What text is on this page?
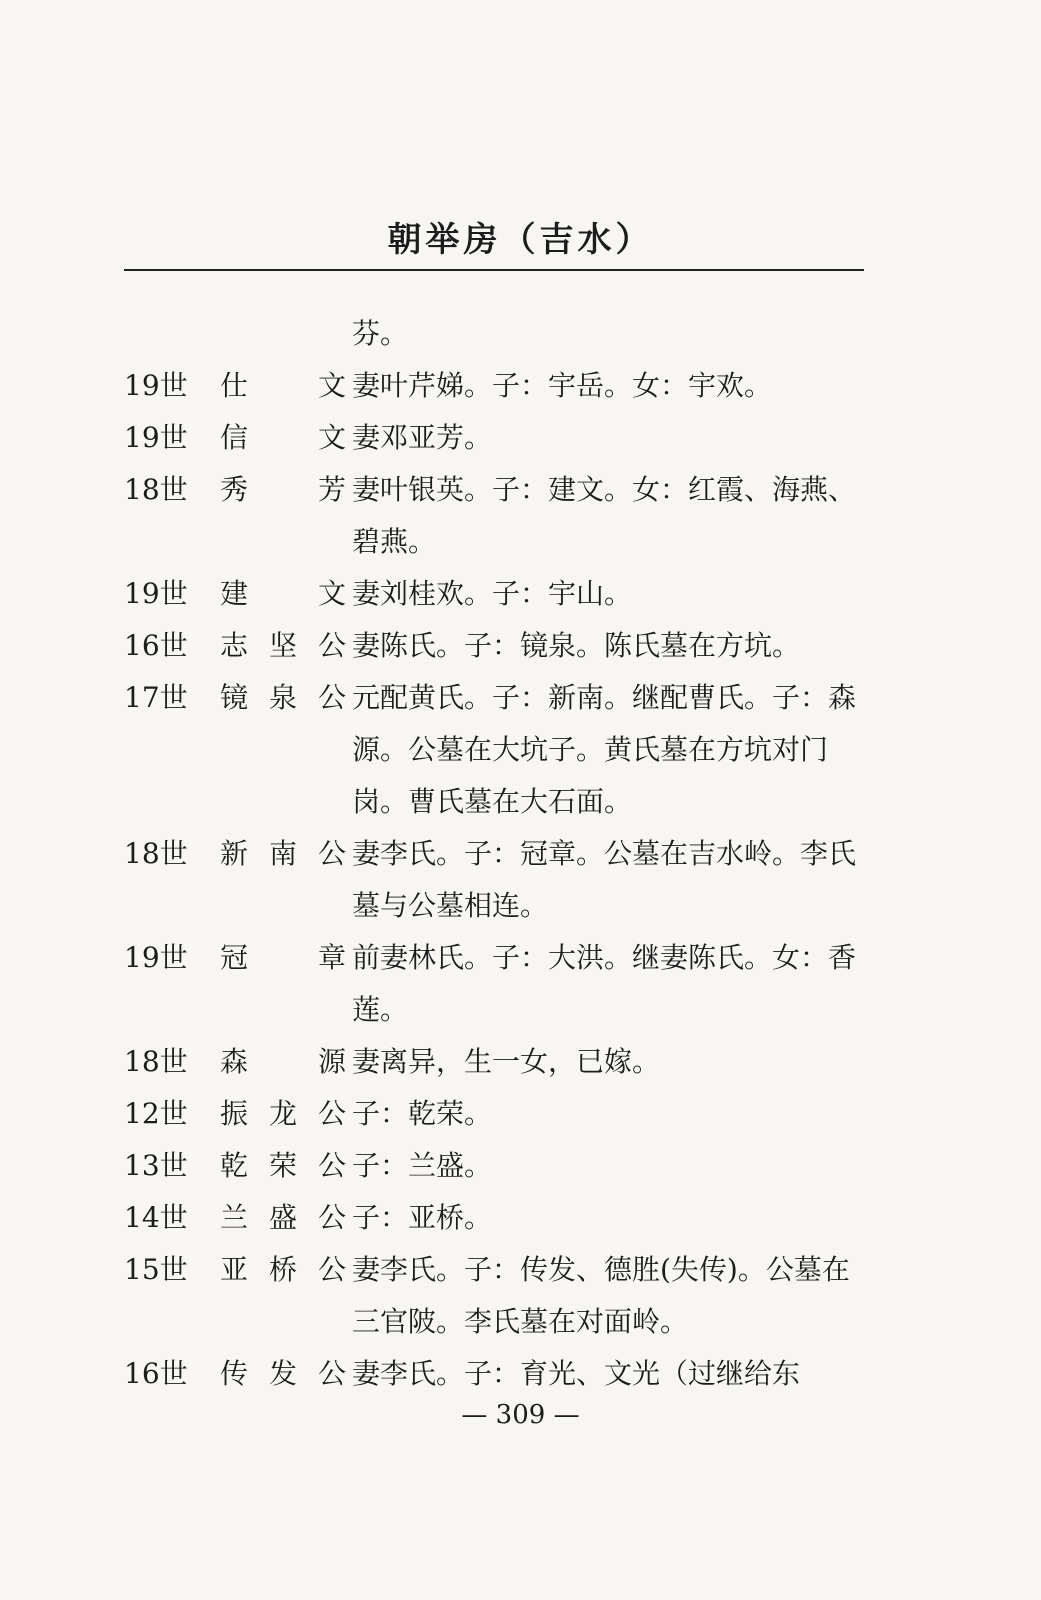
朝举房（吉水）
芬。
19世	仕文 妻叶芹娣。子：宇岳。女：宇欢。
19世	信文 妻邓亚芳。
18世	秀芳 妻叶银英。子：建文。女：红霞、海燕、碧燕。
19世	建文 妻刘桂欢。子：宇山。
16世	志坚公 妻陈氏。子：镜泉。陈氏墓在方坑。
17世	镜泉公 元配黄氏。子：新南。继配曹氏。子：森源。公墓在大坑子。黄氏墓在方坑对门岗。曹氏墓在大石面。
18世	新南公 妻李氏。子：冠章。公墓在吉水岭。李氏墓与公墓相连。
19世	冠章 前妻林氏。子：大洪。继妻陈氏。女：香莲。
18世	森源 妻离异，生一女，已嫁。
12世	振龙公 子：乾荣。
13世	乾荣公 子：兰盛。
14世	兰盛公 子：亚桥。
15世	亚桥公 妻李氏。子：传发、德胜(失传)。公墓在三官陂。李氏墓在对面岭。
16世	传发公 妻李氏。子：育光、文光（过继给东
— 309 —
